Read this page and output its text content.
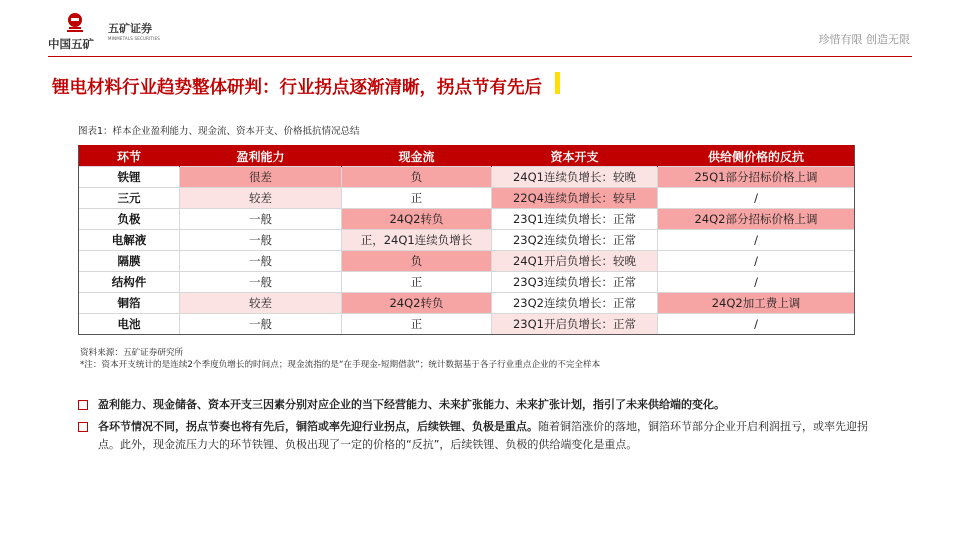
中国五矿
五矿证券
MINMETALS SECURITIES	珍惜有限 创造无限
锂电材料行业趋势整体研判：行业拐点逐渐清晰，拐点节有先后
图表1：样本企业盈利能力、现金流、资本开支、价格抵抗情况总结
环节	盈利能力	现金流	资本开支	供给侧价格的反抗
铁锂	很差	负	24Q1连续负增长：较晚	25Q1部分招标价格上调
三元	较差	正	22Q4连续负增长：较早	/
负极	一般	24Q2转负	23Q1连续负增长：正常	24Q2部分招标价格上调
电解液	一般	正，24Q1连续负增长	23Q2连续负增长：正常	/
隔膜	一般	负	24Q1开启负增长：较晚	/
结构件	一般	正	23Q3连续负增长：正常	/
铜箔	较差	24Q2转负	23Q2连续负增长：正常	24Q2加工费上调
电池	一般	正	23Q1开启负增长：正常	/
资料来源：五矿证券研究所
*注：资本开支统计的是连续2个季度负增长的时间点；现金流指的是“在手现金-短期借款”；统计数据基于各子行业重点企业的不完全样本
盈利能力、现金储备、资本开支三因素分别对应企业的当下经营能力、未来扩张能力、未来扩张计划，指引了未来供给端的变化。
各环节情况不同，拐点节奏也将有先后，铜箔或率先迎行业拐点，后续铁锂、负极是重点。随着铜箔涨价的落地，铜箔环节部分企业开启利润扭亏，或率先迎拐点。此外，现金流压力大的环节铁锂、负极出现了一定的价格的“反抗”，后续铁锂、负极的供给端变化是重点。
